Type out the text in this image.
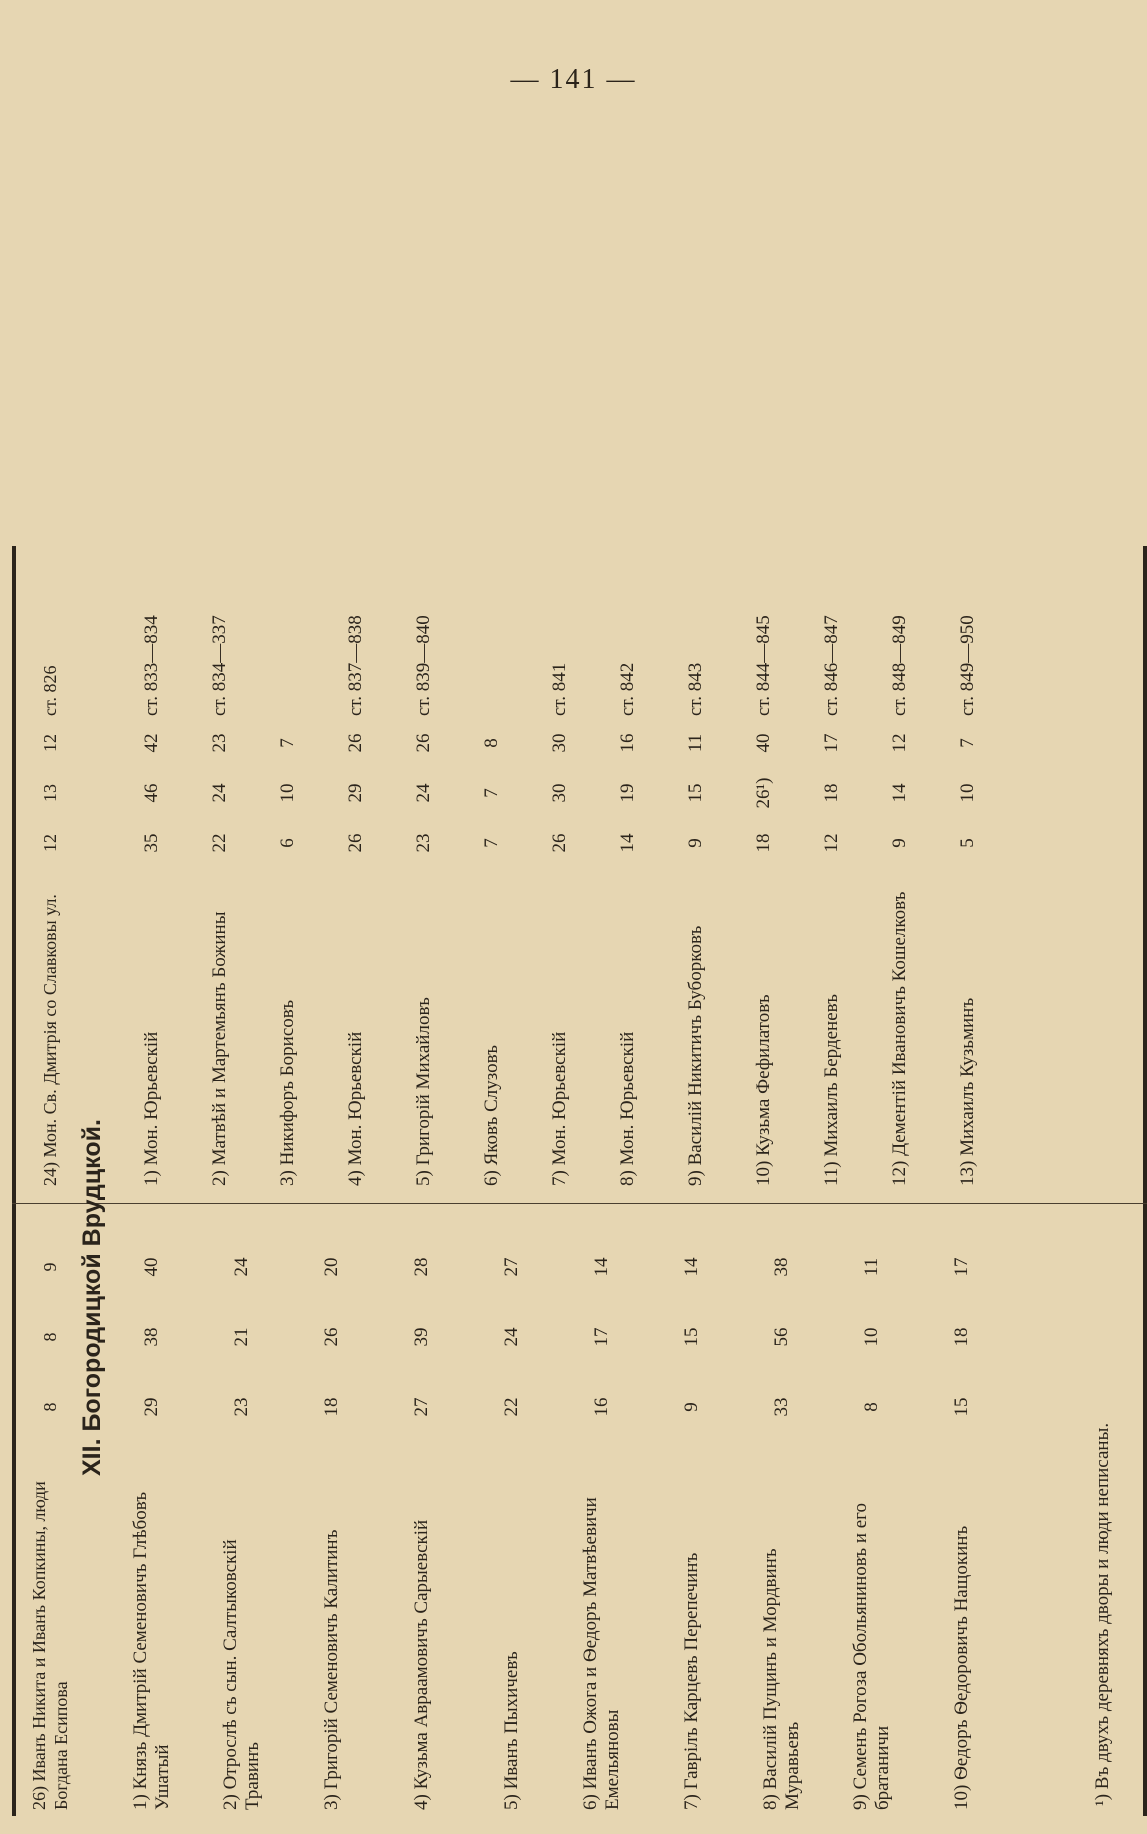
— 141 —
26) Иванъ Никита и Иванъ Копкины, люди Богдана Есипова
8
8
9
24) Мон. Св. Дмитрія со Славковы ул.
12
13
12
ст. 826
XII. Богородицкой Врудцкой.
1) Князь Дмитрій Семеновичъ Глѣбовъ Ушатый
29
38
40
2) Отрослѣ съ сын. Салтыковскій Травинъ
23
21
24
3) Григорій Семеновичъ Калитинъ
18
26
20
4) Кузьма Авраамовичъ Сарыевскій
27
39
28
5) Иванъ Пыхичевъ
22
24
27
6) Иванъ Ожога и Ѳедоръ Матвѣевичи Емельяновы
16
17
14
7) Гаврілъ Карцевъ Перепечинъ
9
15
14
8) Василій Пущинъ и Мордвинъ Муравьевъ
33
56
38
9) Семенъ Рогоза Обольяниновъ и его братаничи
8
10
11
10) Ѳедоръ Ѳедоровичъ Нащокинъ
15
18
17
1) Мон. Юрьевскій
35
46
42
ст. 833—834
2) Матвѣй и Мартемьянъ Божины
22
24
23
ст. 834—337
3) Никифоръ Борисовъ
6
10
7
4) Мон. Юрьевскій
26
29
26
ст. 837—838
5) Григорій Михайловъ
23
24
26
ст. 839—840
6) Яковъ Слузовъ
7
7
8
7) Мон. Юрьевскій
26
30
30
ст. 841
8) Мон. Юрьевскій
14
19
16
ст. 842
9) Василій Никитичъ Буборковъ
9
15
11
ст. 843
10) Кузьма Фефилатовъ
18
26¹)
40
ст. 844—845
11) Михаилъ Берденевъ
12
18
17
ст. 846—847
12) Дементій Ивановичъ Кошелковъ
9
14
12
ст. 848—849
13) Михаилъ Кузьминъ
5
10
7
ст. 849—950
¹) Въ двухъ деревняхъ дворы и люди неписаны.
